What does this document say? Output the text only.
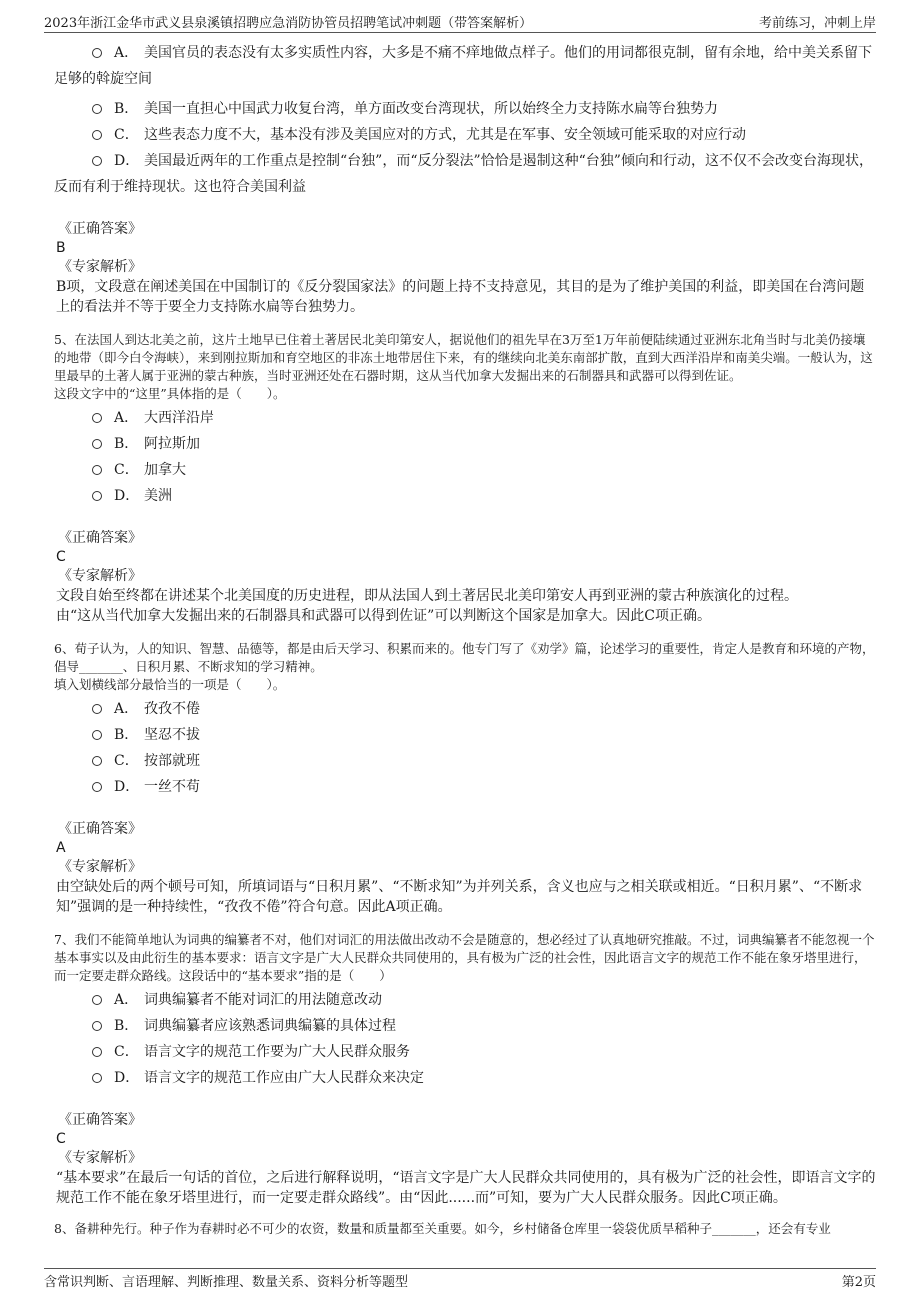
2023年浙江金华市武义县泉溪镇招聘应急消防协管员招聘笔试冲刺题（带答案解析）	考前练习，冲刺上岸
A． 美国官员的表态没有太多实质性内容，大多是不痛不痒地做点样子。他们的用词都很克制，留有余地，给中美关系留下足够的斡旋空间
B． 美国一直担心中国武力收复台湾，单方面改变台湾现状，所以始终全力支持陈水扁等台独势力
C． 这些表态力度不大，基本没有涉及美国应对的方式，尤其是在军事、安全领域可能采取的对应行动
D． 美国最近两年的工作重点是控制“台独”，而“反分裂法”恰恰是遏制这种“台独”倾向和行动，这不仅不会改变台海现状，反而有利于维持现状。这也符合美国利益
《正确答案》
B
《专家解析》
B项，文段意在阐述美国在中国制订的《反分裂国家法》的问题上持不支持意见，其目的是为了维护美国的利益，即美国在台湾问题上的看法并不等于要全力支持陈水扁等台独势力。
5、在法国人到达北美之前，这片土地早已住着土著居民北美印第安人，据说他们的祖先早在3万至1万年前便陆续通过亚洲东北角当时与北美仍接壤的地带（即今白令海峡），来到刚拉斯加和育空地区的非冻土地带居住下来，有的继续向北美东南部扩散，直到大西洋沿岸和南美尖端。一般认为，这里最早的土著人属于亚洲的蒙古种族，当时亚洲还处在石器时期，这从当代加拿大发掘出来的石制器具和武器可以得到佐证。
这段文字中的“这里”具体指的是（　　）。
A． 大西洋沿岸
B． 阿拉斯加
C． 加拿大
D． 美洲
《正确答案》
C
《专家解析》
文段自始至终都在讲述某个北美国度的历史进程，即从法国人到土著居民北美印第安人再到亚洲的蒙古种族演化的过程。
由“这从当代加拿大发掘出来的石制器具和武器可以得到佐证”可以判断这个国家是加拿大。因此C项正确。
6、荀子认为，人的知识、智慧、品德等，都是由后天学习、积累而来的。他专门写了《劝学》篇，论述学习的重要性，肯定人是教育和环境的产物，倡导_______、日积月累、不断求知的学习精神。
填入划横线部分最恰当的一项是（　　）。
A． 孜孜不倦
B． 坚忍不拔
C． 按部就班
D． 一丝不苟
《正确答案》
A
《专家解析》
由空缺处后的两个顿号可知，所填词语与“日积月累”、“不断求知”为并列关系，含义也应与之相关联或相近。“日积月累”、“不断求知”强调的是一种持续性，“孜孜不倦”符合句意。因此A项正确。
7、我们不能简单地认为词典的编纂者不对，他们对词汇的用法做出改动不会是随意的，想必经过了认真地研究推敲。不过，词典编纂者不能忽视一个基本事实以及由此衍生的基本要求：语言文字是广大人民群众共同使用的，具有极为广泛的社会性，因此语言文字的规范工作不能在象牙塔里进行，而一定要走群众路线。这段话中的“基本要求”指的是（　　）
A． 词典编纂者不能对词汇的用法随意改动
B． 词典编纂者应该熟悉词典编纂的具体过程
C． 语言文字的规范工作要为广大人民群众服务
D． 语言文字的规范工作应由广大人民群众来决定
《正确答案》
C
《专家解析》
“基本要求”在最后一句话的首位，之后进行解释说明，“语言文字是广大人民群众共同使用的，具有极为广泛的社会性，即语言文字的规范工作不能在象牙塔里进行，而一定要走群众路线”。由“因此......而”可知，要为广大人民群众服务。因此C项正确。
8、备耕种先行。种子作为春耕时必不可少的农资，数量和质量都至关重要。如今，乡村储备仓库里一袋袋优质旱稻种子_______，还会有专业
含常识判断、言语理解、判断推理、数量关系、资料分析等题型	第2页
